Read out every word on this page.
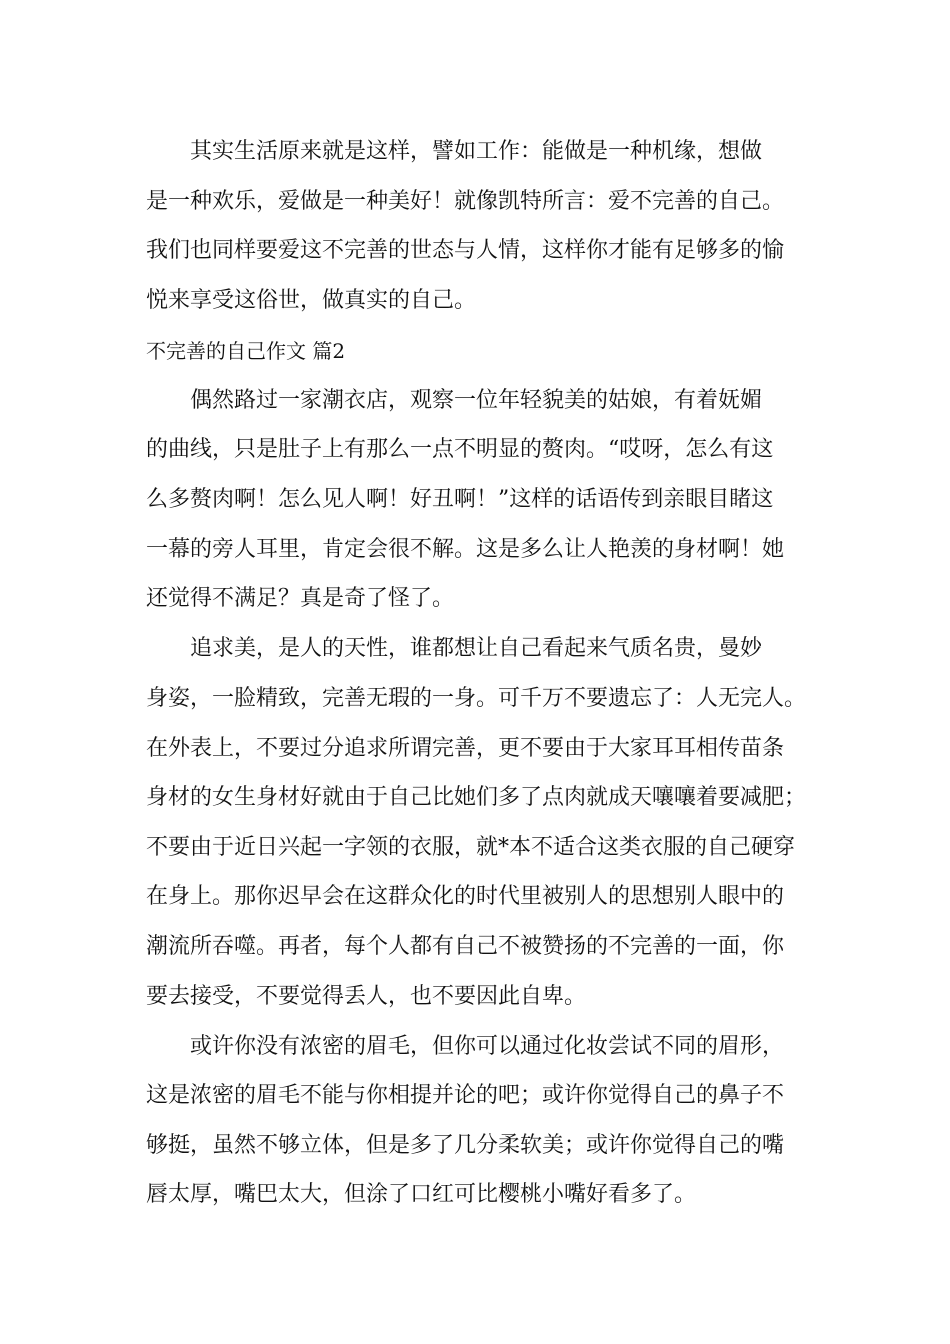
　　其实生活原来就是这样，譬如工作：能做是一种机缘，想做

是一种欢乐，爱做是一种美好！就像凯特所言：爱不完善的自己。

我们也同样要爱这不完善的世态与人情，这样你才能有足够多的愉

悦来享受这俗世，做真实的自己。

不完善的自己作文 篇2

　　偶然路过一家潮衣店，观察一位年轻貌美的姑娘，有着妩媚

的曲线，只是肚子上有那么一点不明显的赘肉。“哎呀，怎么有这

么多赘肉啊！怎么见人啊！好丑啊！”这样的话语传到亲眼目睹这

一幕的旁人耳里，肯定会很不解。这是多么让人艳羡的身材啊！她

还觉得不满足？真是奇了怪了。

　　追求美，是人的天性，谁都想让自己看起来气质名贵，曼妙

身姿，一脸精致，完善无瑕的一身。可千万不要遗忘了：人无完人。

在外表上，不要过分追求所谓完善，更不要由于大家耳耳相传苗条

身材的女生身材好就由于自己比她们多了点肉就成天嚷嚷着要减肥；

不要由于近日兴起一字领的衣服，就*本不适合这类衣服的自己硬穿

在身上。那你迟早会在这群众化的时代里被别人的思想别人眼中的

潮流所吞噬。再者，每个人都有自己不被赞扬的不完善的一面，你

要去接受，不要觉得丢人，也不要因此自卑。

　　或许你没有浓密的眉毛，但你可以通过化妆尝试不同的眉形，

这是浓密的眉毛不能与你相提并论的吧；或许你觉得自己的鼻子不

够挺，虽然不够立体，但是多了几分柔软美；或许你觉得自己的嘴

唇太厚，嘴巴太大，但涂了口红可比樱桃小嘴好看多了。
